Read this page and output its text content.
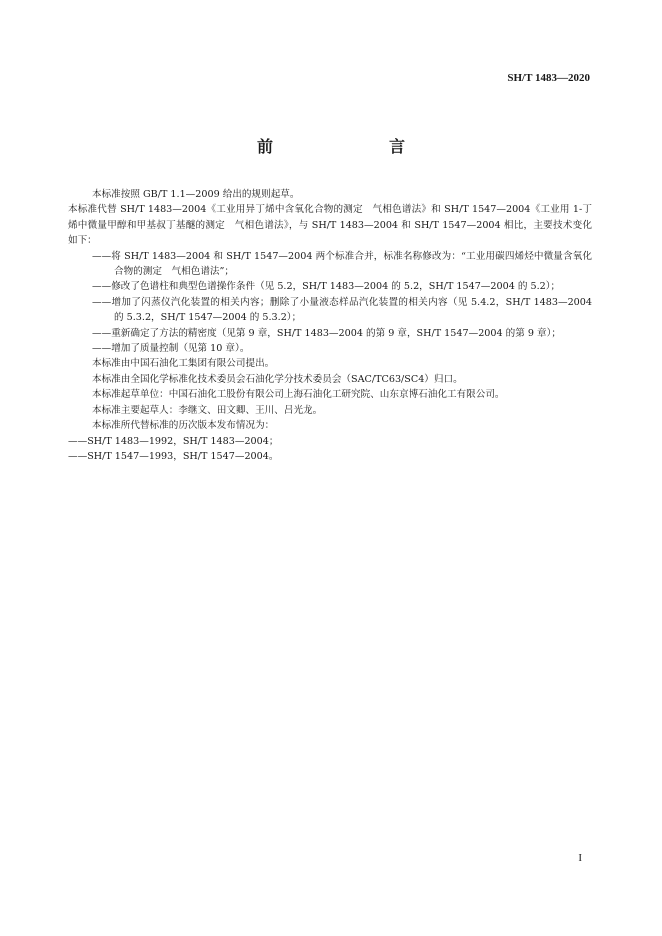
SH/T 1483—2020
前　　言

本标准按照 GB/T 1.1—2009 给出的规则起草。

本标准代替 SH/T 1483—2004《工业用异丁烯中含氧化合物的测定　气相色谱法》和 SH/T 1547—2004《工业用 1-丁烯中微量甲醇和甲基叔丁基醚的测定　气相色谱法》，与 SH/T 1483—2004 和 SH/T 1547—2004 相比，主要技术变化如下：

——将 SH/T 1483—2004 和 SH/T 1547—2004 两个标准合并，标准名称修改为：“工业用碳四烯烃中微量含氧化合物的测定　气相色谱法”；

——修改了色谱柱和典型色谱操作条件（见 5.2，SH/T 1483—2004 的 5.2，SH/T 1547—2004 的 5.2）；

——增加了闪蒸仪汽化装置的相关内容；删除了小量液态样品汽化装置的相关内容（见 5.4.2，SH/T 1483—2004 的 5.3.2，SH/T 1547—2004 的 5.3.2）；

——重新确定了方法的精密度（见第 9 章，SH/T 1483—2004 的第 9 章，SH/T 1547—2004 的第 9 章）；

——增加了质量控制（见第 10 章）。

本标准由中国石油化工集团有限公司提出。

本标准由全国化学标准化技术委员会石油化学分技术委员会（SAC/TC63/SC4）归口。

本标准起草单位：中国石油化工股份有限公司上海石油化工研究院、山东京博石油化工有限公司。

本标准主要起草人：李继文、田文卿、王川、吕光龙。

本标准所代替标准的历次版本发布情况为：

——SH/T 1483—1992，SH/T 1483—2004；

——SH/T 1547—1993，SH/T 1547—2004。

I
